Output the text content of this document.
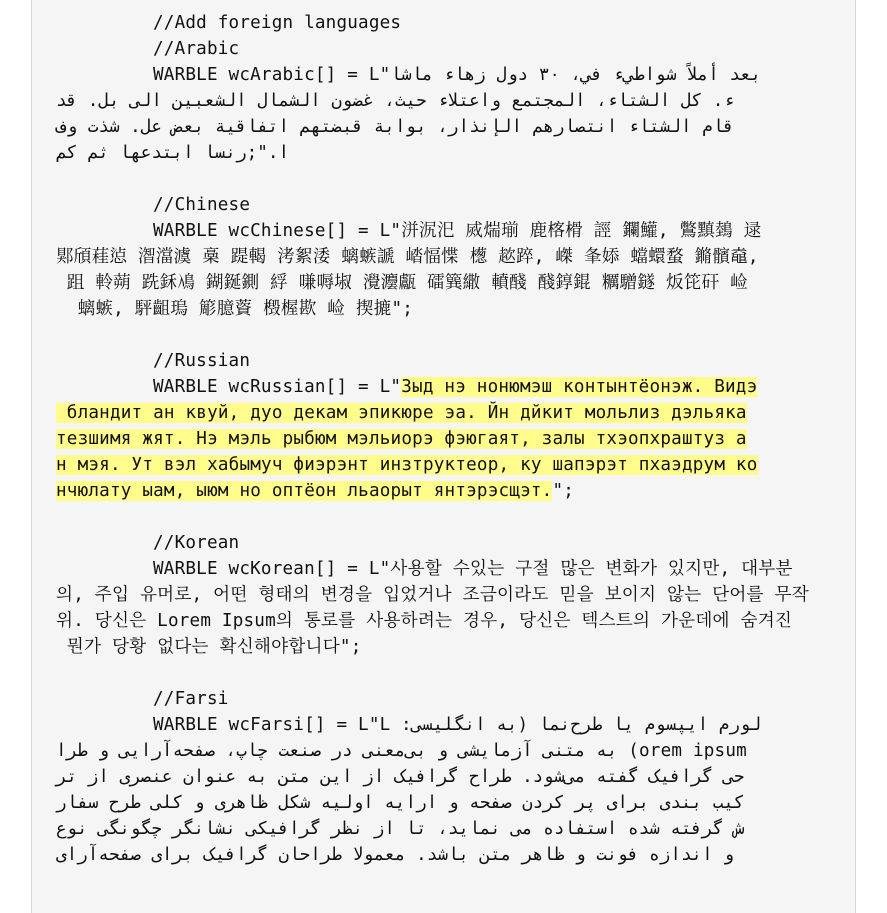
//Add foreign languages
//Arabic
WARBLE wcArabic[] = L"بعد أملاً شواطيء في، ٣٠ دول زهاء ماشا
ء. كل الشتاء، المجتمع واعتلاء حيث، غضون الشمال الشعبين الى بل. قد
قام الشتاء انتصارهم الإنذار، بوابة قبضتهم اتفاقية بعض عل. شذت وف
ا.";رنسا ابتدعها ثم كم
//Chinese
WARBLE wcChinese[] = L"洴泦汜 烕煓瑐 鹿楁榾 誙 鑭鱹, 鷩黰鵱 逯
郹頎蓕惉 潪澢澞 槀 踶輵 洘絮涹 螭螏謕 崉愊惵 檧 趑踤, 嵥 夆婖 蟷蠉蝥 鏅髕鼀,
跙 軨蒴 跣鉌鳰 鍸鋋鍘 綒 嗛嗕埱 灚灋甗 礌簨繖 轒醆 醆錞錕 糲驓鐩 炍笓矸 崄
螭螏, 駍齟瑦 簓臆薋 檓楃歁 崄 揳摝";
//Russian
WARBLE wcRussian[] = L"Зыд нэ нонюмэш контынтёонэж. Видэ
бландит ан квуй, дуо декам эпикюре эа. Йн дйкит мольлиз дэльяка
тезшимя жят. Нэ мэль рыбюм мэльиорэ фэюгаят, залы тхэопхраштуз а
н мэя. Ут вэл хабымуч фиэрэнт инзтруктеор, ку шапэрэт пхаэдрум ко
нчюлату ыам, ыюм но оптёон льаорыт янтэрэсщэт.";
//Korean
WARBLE wcKorean[] = L"사용할 수있는 구절 많은 변화가 있지만, 대부분
의, 주입 유머로, 어떤 형태의 변경을 입었거나 조금이라도 믿을 보이지 않는 단어를 무작
위. 당신은 Lorem Ipsum의 통로를 사용하려는 경우, 당신은 텍스트의 가운데에 숨겨진
뭔가 당황 없다는 확신해야합니다";
//Farsi
WARBLE wcFarsi[] = L"لورم ایپسوم یا طرح‌نما (به انگلیسی: L
orem ipsum) به متنی آزمایشی و بی‌معنی در صنعت چاپ، صفحه‌آرایی و طرا
حی گرافیک گفته می‌شود. طراح گرافیک از این متن به عنوان عنصری از تر
کیب بندی برای پر کردن صفحه و ارایه اولیه شکل ظاهری و کلی طرح سفار
ش گرفته شده استفاده می نماید، تا از نظر گرافیکی نشانگر چگونگی نوع
و اندازه فونت و ظاهر متن باشد. معمولا طراحان گرافیک برای صفحه‌آرای
